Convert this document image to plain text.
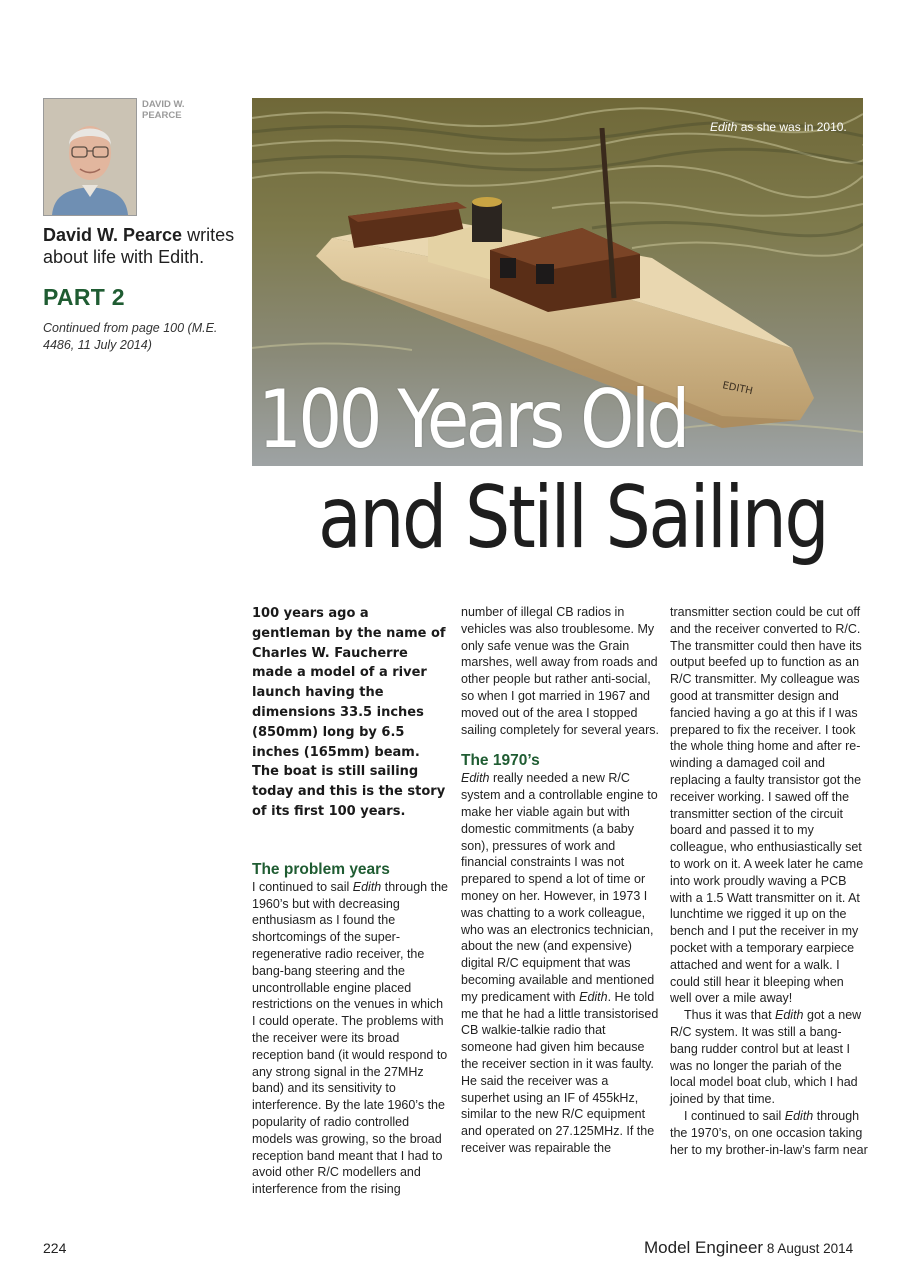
DAVID W. PEARCE
David W. Pearce writes about life with Edith.
PART 2
Continued from page 100 (M.E. 4486, 11 July 2014)
EDITH
Edith as she was in 2010.
100 Years Old
and Still Sailing

100 years ago a gentleman by the name of Charles W. Faucherre made a model of a river launch having the dimensions 33.5 inches (850mm) long by 6.5 inches (165mm) beam. The boat is still sailing today and this is the story of its first 100 years.

The problem years

I continued to sail Edith through the 1960’s but with decreasing enthusiasm as I found the shortcomings of the super-regenerative radio receiver, the bang-bang steering and the uncontrollable engine placed restrictions on the venues in which I could operate. The problems with the receiver were its broad reception band (it would respond to any strong signal in the 27MHz band) and its sensitivity to interference. By the late 1960’s the popularity of radio controlled models was growing, so the broad reception band meant that I had to avoid other R/C modellers and interference from the rising

number of illegal CB radios in vehicles was also troublesome. My only safe venue was the Grain marshes, well away from roads and other people but rather anti-social, so when I got married in 1967 and moved out of the area I stopped sailing completely for several years.

The 1970’s

Edith really needed a new R/C system and a controllable engine to make her viable again but with domestic commitments (a baby son), pressures of work and financial constraints I was not prepared to spend a lot of time or money on her. However, in 1973 I was chatting to a work colleague, who was an electronics technician, about the new (and expensive) digital R/C equipment that was becoming available and mentioned my predicament with Edith. He told me that he had a little transistorised CB walkie-talkie radio that someone had given him because the receiver section in it was faulty. He said the receiver was a superhet using an IF of 455kHz, similar to the new R/C equipment and operated on 27.125MHz. If the receiver was repairable the

transmitter section could be cut off and the receiver converted to R/C. The transmitter could then have its output beefed up to function as an R/C transmitter. My colleague was good at transmitter design and fancied having a go at this if I was prepared to fix the receiver. I took the whole thing home and after re-winding a damaged coil and replacing a faulty transistor got the receiver working. I sawed off the transmitter section of the circuit board and passed it to my colleague, who enthusiastically set to work on it. A week later he came into work proudly waving a PCB with a 1.5 Watt transmitter on it. At lunchtime we rigged it up on the bench and I put the receiver in my pocket with a temporary earpiece attached and went for a walk. I could still hear it bleeping when well over a mile away!

Thus it was that Edith got a new R/C system. It was still a bang-bang rudder control but at least I was no longer the pariah of the local model boat club, which I had joined by that time.

I continued to sail Edith through the 1970’s, on one occasion taking her to my brother-in-law’s farm near

224	Model Engineer 8 August 2014
